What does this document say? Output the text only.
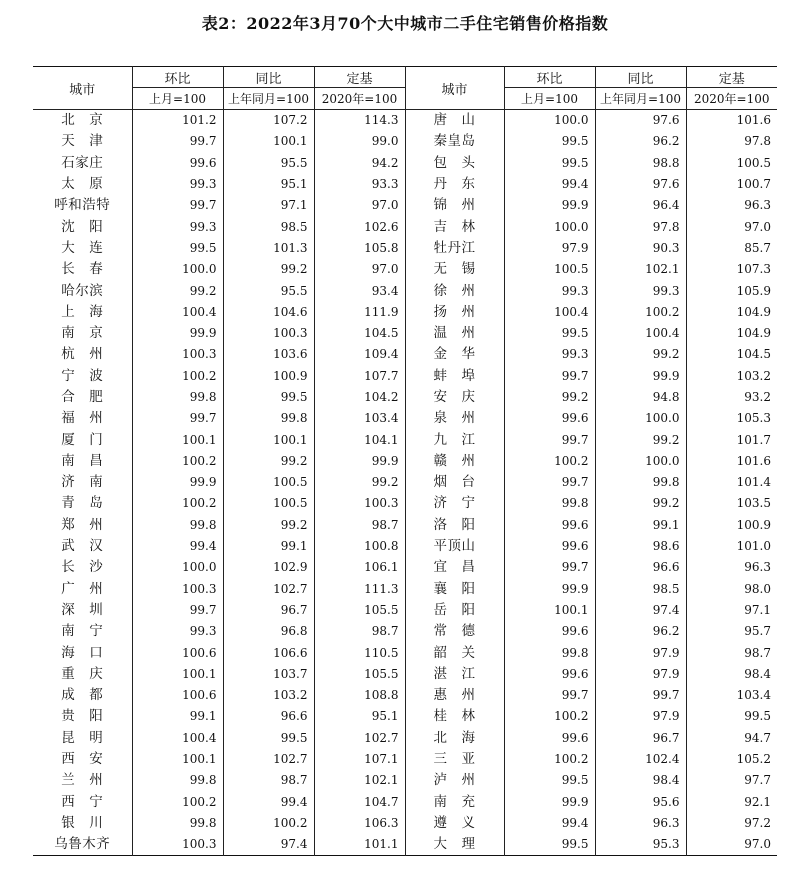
表2：2022年3月70个大中城市二手住宅销售价格指数
城市	环比	同比	定基	城市	环比	同比	定基
	上月=100	上年同月=100	2020年=100		上月=100	上年同月=100	2020年=100
北　京	101.2	107.2	114.3	唐　山	100.0	97.6	101.6
天　津	99.7	100.1	99.0	秦皇岛	99.5	96.2	97.8
石家庄	99.6	95.5	94.2	包　头	99.5	98.8	100.5
太　原	99.3	95.1	93.3	丹　东	99.4	97.6	100.7
呼和浩特	99.7	97.1	97.0	锦　州	99.9	96.4	96.3
沈　阳	99.3	98.5	102.6	吉　林	100.0	97.8	97.0
大　连	99.5	101.3	105.8	牡丹江	97.9	90.3	85.7
长　春	100.0	99.2	97.0	无　锡	100.5	102.1	107.3
哈尔滨	99.2	95.5	93.4	徐　州	99.3	99.3	105.9
上　海	100.4	104.6	111.9	扬　州	100.4	100.2	104.9
南　京	99.9	100.3	104.5	温　州	99.5	100.4	104.9
杭　州	100.3	103.6	109.4	金　华	99.3	99.2	104.5
宁　波	100.2	100.9	107.7	蚌　埠	99.7	99.9	103.2
合　肥	99.8	99.5	104.2	安　庆	99.2	94.8	93.2
福　州	99.7	99.8	103.4	泉　州	99.6	100.0	105.3
厦　门	100.1	100.1	104.1	九　江	99.7	99.2	101.7
南　昌	100.2	99.2	99.9	赣　州	100.2	100.0	101.6
济　南	99.9	100.5	99.2	烟　台	99.7	99.8	101.4
青　岛	100.2	100.5	100.3	济　宁	99.8	99.2	103.5
郑　州	99.8	99.2	98.7	洛　阳	99.6	99.1	100.9
武　汉	99.4	99.1	100.8	平顶山	99.6	98.6	101.0
长　沙	100.0	102.9	106.1	宜　昌	99.7	96.6	96.3
广　州	100.3	102.7	111.3	襄　阳	99.9	98.5	98.0
深　圳	99.7	96.7	105.5	岳　阳	100.1	97.4	97.1
南　宁	99.3	96.8	98.7	常　德	99.6	96.2	95.7
海　口	100.6	106.6	110.5	韶　关	99.8	97.9	98.7
重　庆	100.1	103.7	105.5	湛　江	99.6	97.9	98.4
成　都	100.6	103.2	108.8	惠　州	99.7	99.7	103.4
贵　阳	99.1	96.6	95.1	桂　林	100.2	97.9	99.5
昆　明	100.4	99.5	102.7	北　海	99.6	96.7	94.7
西　安	100.1	102.7	107.1	三　亚	100.2	102.4	105.2
兰　州	99.8	98.7	102.1	泸　州	99.5	98.4	97.7
西　宁	100.2	99.4	104.7	南　充	99.9	95.6	92.1
银　川	99.8	100.2	106.3	遵　义	99.4	96.3	97.2
乌鲁木齐	100.3	97.4	101.1	大　理	99.5	95.3	97.0
